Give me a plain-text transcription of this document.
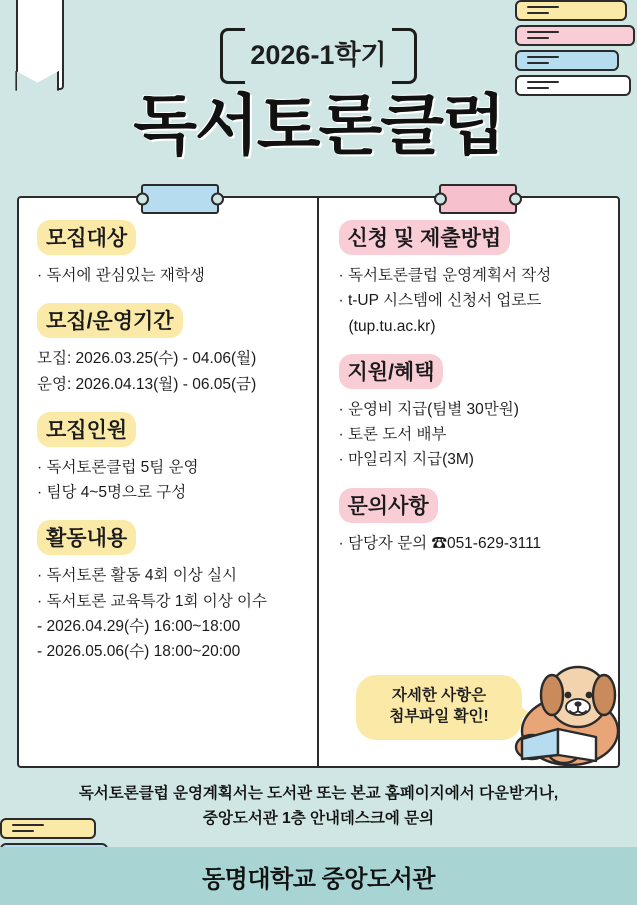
2026-1학기
독서토론클럽
모집대상
· 독서에 관심있는 재학생
모집/운영기간
모집: 2026.03.25(수) - 04.06(월)
운영: 2026.04.13(월) - 06.05(금)
모집인원
· 독서토론클럽 5팀 운영
· 팀당 4~5명으로 구성
활동내용
· 독서토론 활동 4회 이상 실시
· 독서토론 교육특강 1회 이상 이수
- 2026.04.29(수) 16:00~18:00
- 2026.05.06(수) 18:00~20:00
신청 및 제출방법
· 독서토론클럽 운영계획서 작성
· t-UP 시스템에 신청서 업로드
(tup.tu.ac.kr)
지원/혜택
· 운영비 지급(팀별 30만원)
· 토론 도서 배부
· 마일리지 지급(3M)
문의사항
· 담당자 문의 ☎051-629-3111
자세한 사항은
첨부파일 확인!
독서토론클럽 운영계획서는 도서관 또는 본교 홈페이지에서 다운받거나,
중앙도서관 1층 안내데스크에 문의
동명대학교 중앙도서관
